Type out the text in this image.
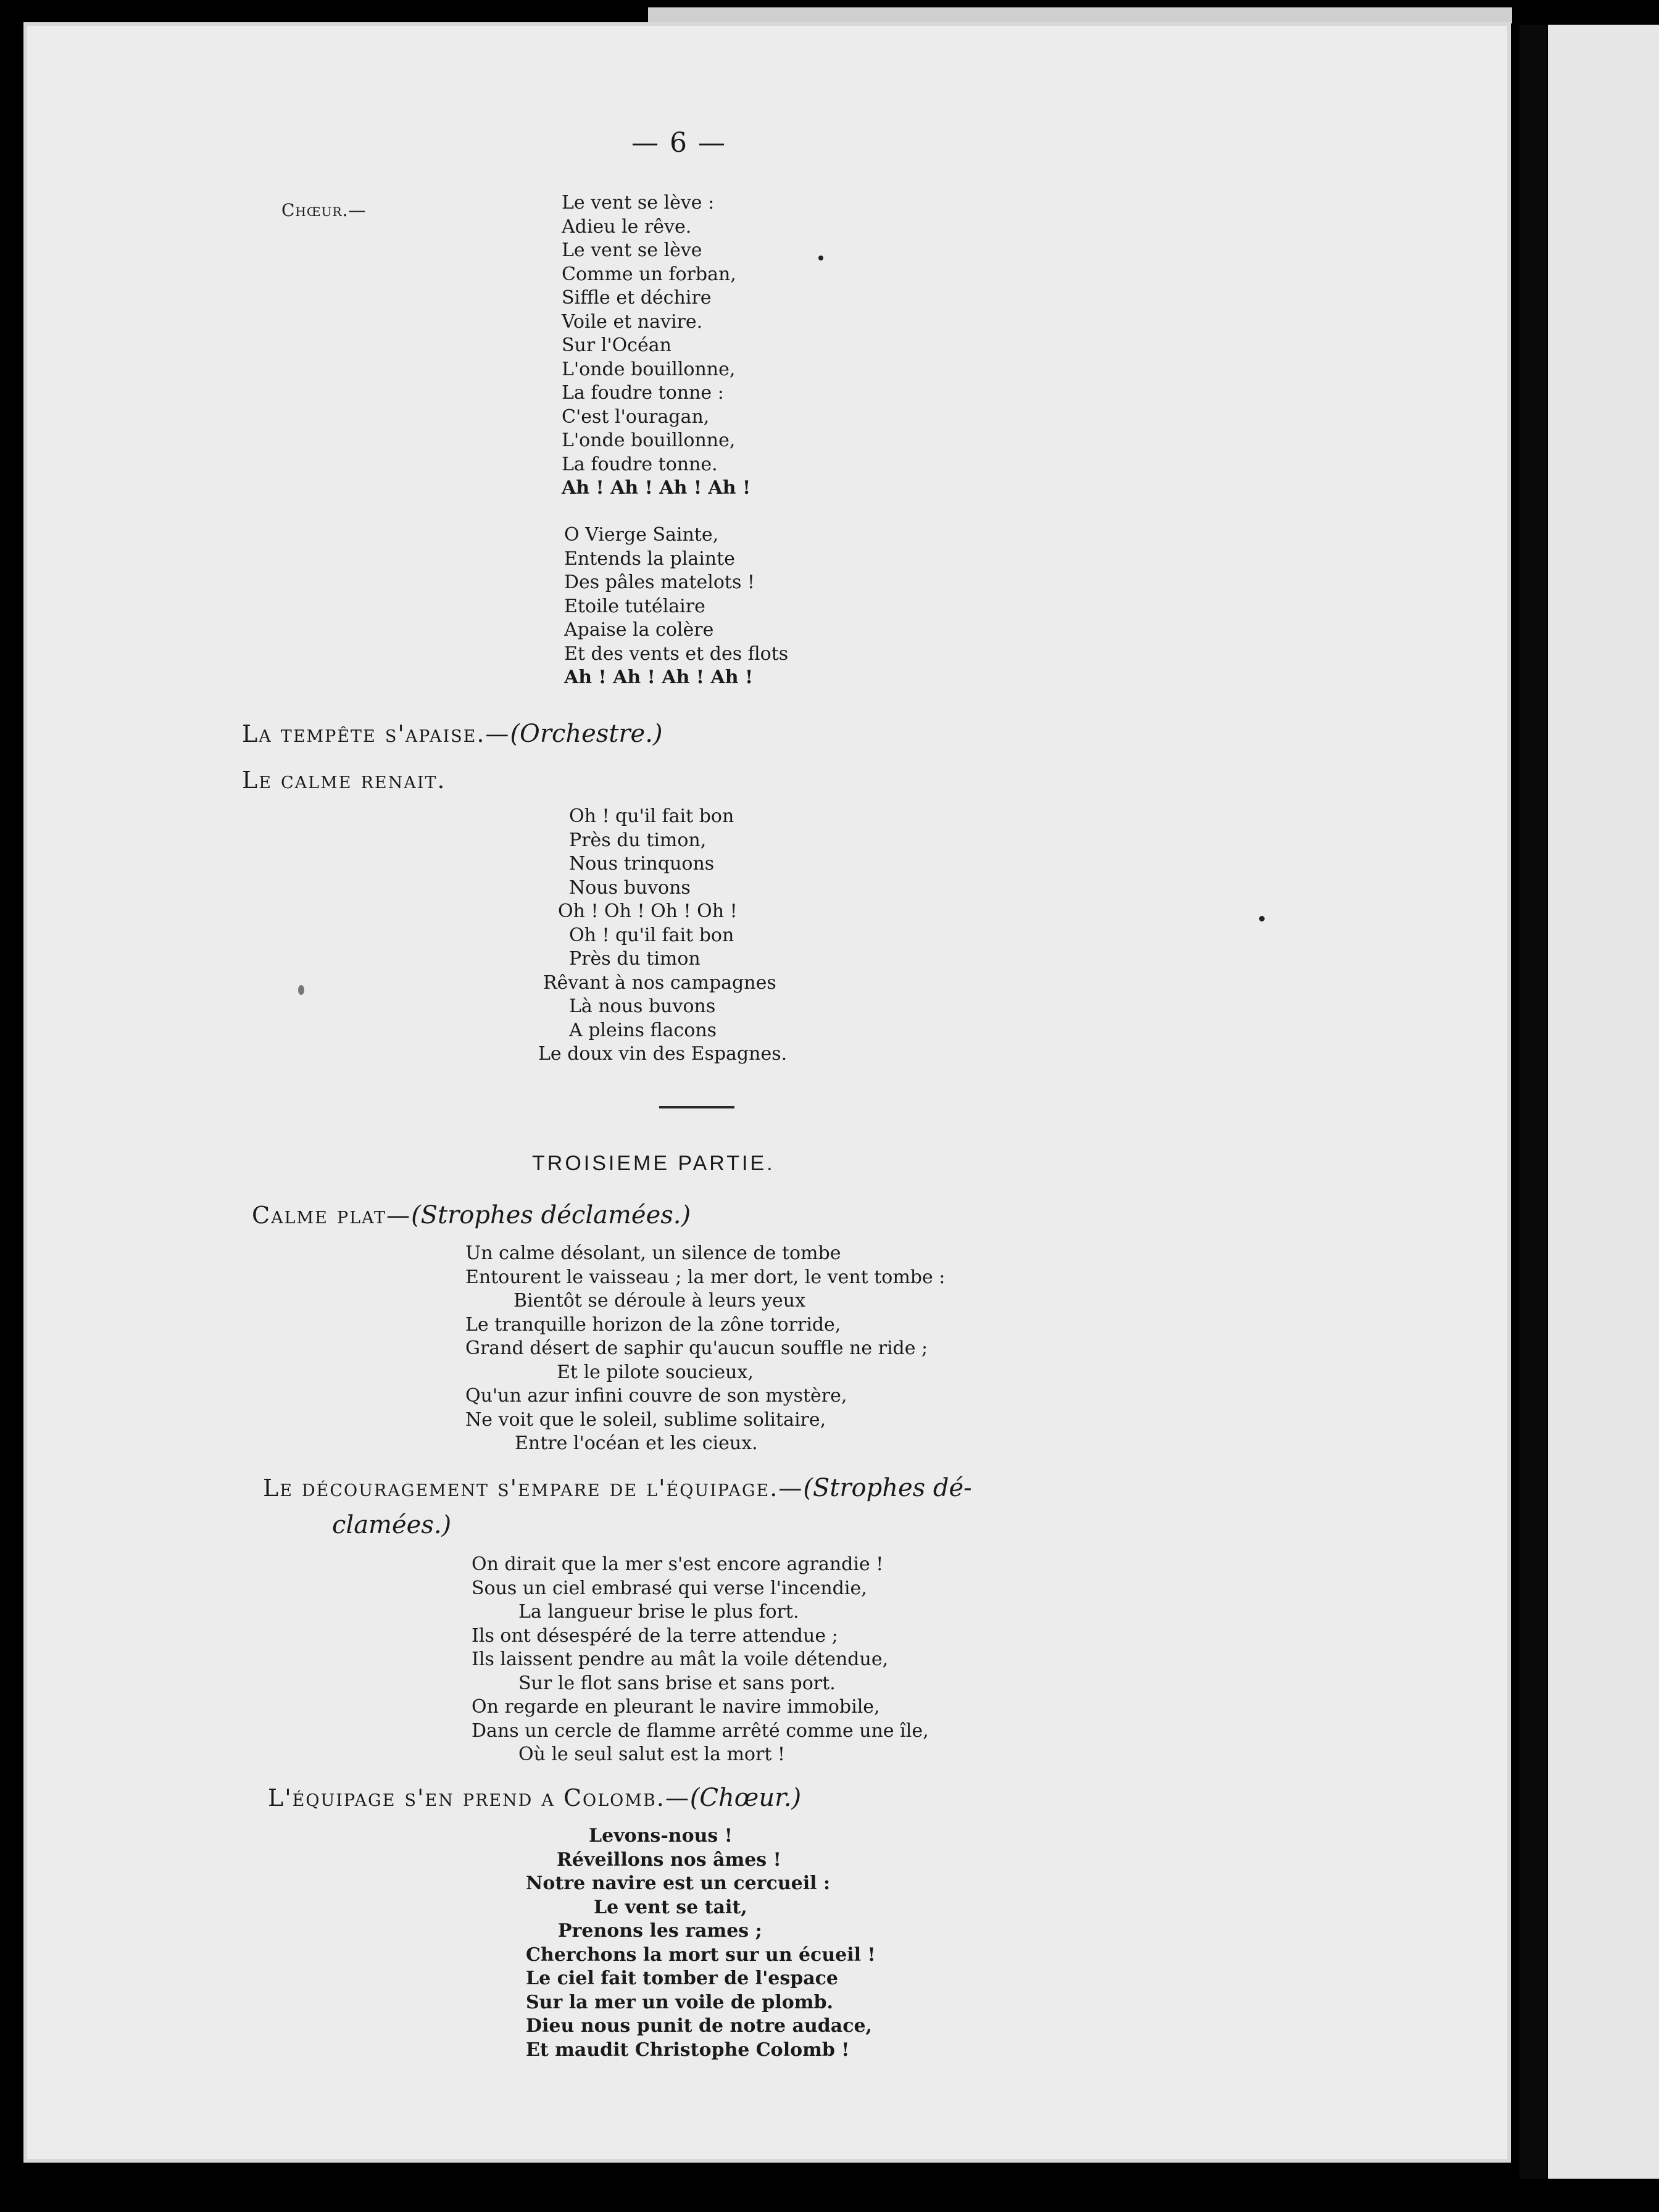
— 6 —
Chœur.—	Le vent se lève :
Adieu le rêve.
Le vent se lève
Comme un forban,
Siffle et déchire
Voile et navire.
Sur l'Océan
L'onde bouillonne,
La foudre tonne :
C'est l'ouragan,
L'onde bouillonne,
La foudre tonne.
Ah ! Ah ! Ah ! Ah !
O Vierge Sainte,
Entends la plainte
Des pâles matelots !
Etoile tutélaire
Apaise la colère
Et des vents et des flots
Ah ! Ah ! Ah ! Ah !
La tempête s'apaise.—(Orchestre.)
Le calme renait.
Oh ! qu'il fait bon
Près du timon,
Nous trinquons
Nous buvons
Oh ! Oh ! Oh ! Oh !
Oh ! qu'il fait bon
Près du timon
Rêvant à nos campagnes
Là nous buvons
A pleins flacons
Le doux vin des Espagnes.
TROISIEME PARTIE.
Calme plat—(Strophes déclamées.)
Un calme désolant, un silence de tombe
Entourent le vaisseau ; la mer dort, le vent tombe :
Bientôt se déroule à leurs yeux
Le tranquille horizon de la zône torride,
Grand désert de saphir qu'aucun souffle ne ride ;
Et le pilote soucieux,
Qu'un azur infini couvre de son mystère,
Ne voit que le soleil, sublime solitaire,
Entre l'océan et les cieux.
Le découragement s'empare de l'équipage.—(Strophes dé-
clamées.)
On dirait que la mer s'est encore agrandie !
Sous un ciel embrasé qui verse l'incendie,
La langueur brise le plus fort.
Ils ont désespéré de la terre attendue ;
Ils laissent pendre au mât la voile détendue,
Sur le flot sans brise et sans port.
On regarde en pleurant le navire immobile,
Dans un cercle de flamme arrêté comme une île,
Où le seul salut est la mort !
L'équipage s'en prend a Colomb.—(Chœur.)
Levons-nous !
Réveillons nos âmes !
Notre navire est un cercueil :
Le vent se tait,
Prenons les rames ;
Cherchons la mort sur un écueil !
Le ciel fait tomber de l'espace
Sur la mer un voile de plomb.
Dieu nous punit de notre audace,
Et maudit Christophe Colomb !
